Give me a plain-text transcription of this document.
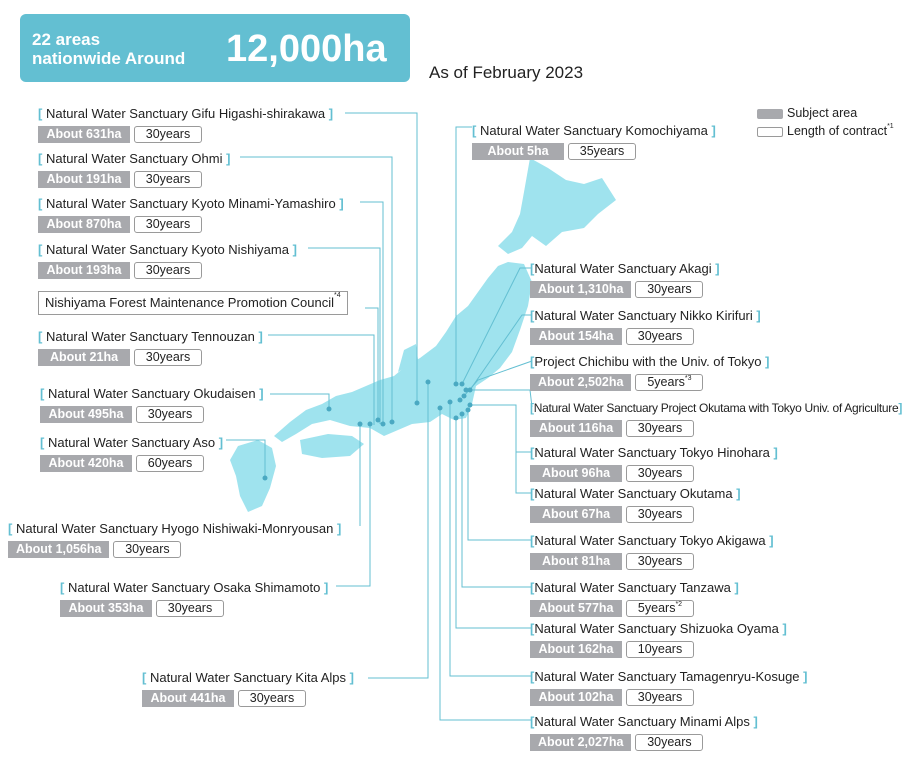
22 areas
nationwide Around 12,000ha
As of February 2023
Subject area
Length of contract$^{*1}$
Nishiyama Forest Maintenance Promotion Council$^{*4}$
[ Natural Water Sanctuary Gifu Higashi-shirakawa ]
About 631ha 30years
[ Natural Water Sanctuary Ohmi ]
About 191ha 30years
[ Natural Water Sanctuary Kyoto Minami-Yamashiro ]
About 870ha 30years
[ Natural Water Sanctuary Kyoto Nishiyama ]
About 193ha 30years
[ Natural Water Sanctuary Tennouzan ]
About 21ha 30years
[ Natural Water Sanctuary Okudaisen ]
About 495ha 30years
[ Natural Water Sanctuary Aso ]
About 420ha 60years
[ Natural Water Sanctuary Hyogo Nishiwaki-Monryousan ]
About 1,056ha 30years
[ Natural Water Sanctuary Osaka Shimamoto ]
About 353ha 30years
[ Natural Water Sanctuary Kita Alps ]
About 441ha 30years
[ Natural Water Sanctuary Komochiyama ]
About 5ha 35years
[Natural Water Sanctuary Akagi ]
About 1,310ha 30years
[Natural Water Sanctuary Nikko Kirifuri ]
About 154ha 30years
[Project Chichibu with the Univ. of Tokyo ]
About 2,502ha 5years$^{*3}$
[Natural Water Sanctuary Project Okutama with Tokyo Univ. of Agriculture]
About 116ha 30years
[Natural Water Sanctuary Tokyo Hinohara ]
About 96ha 30years
[Natural Water Sanctuary Okutama ]
About 67ha 30years
[Natural Water Sanctuary Tokyo Akigawa ]
About 81ha 30years
[Natural Water Sanctuary Tanzawa ]
About 577ha 5years$^{*2}$
[Natural Water Sanctuary Shizuoka Oyama ]
About 162ha 10years
[Natural Water Sanctuary Tamagenryu-Kosuge ]
About 102ha 30years
[Natural Water Sanctuary Minami Alps ]
About 2,027ha 30years
